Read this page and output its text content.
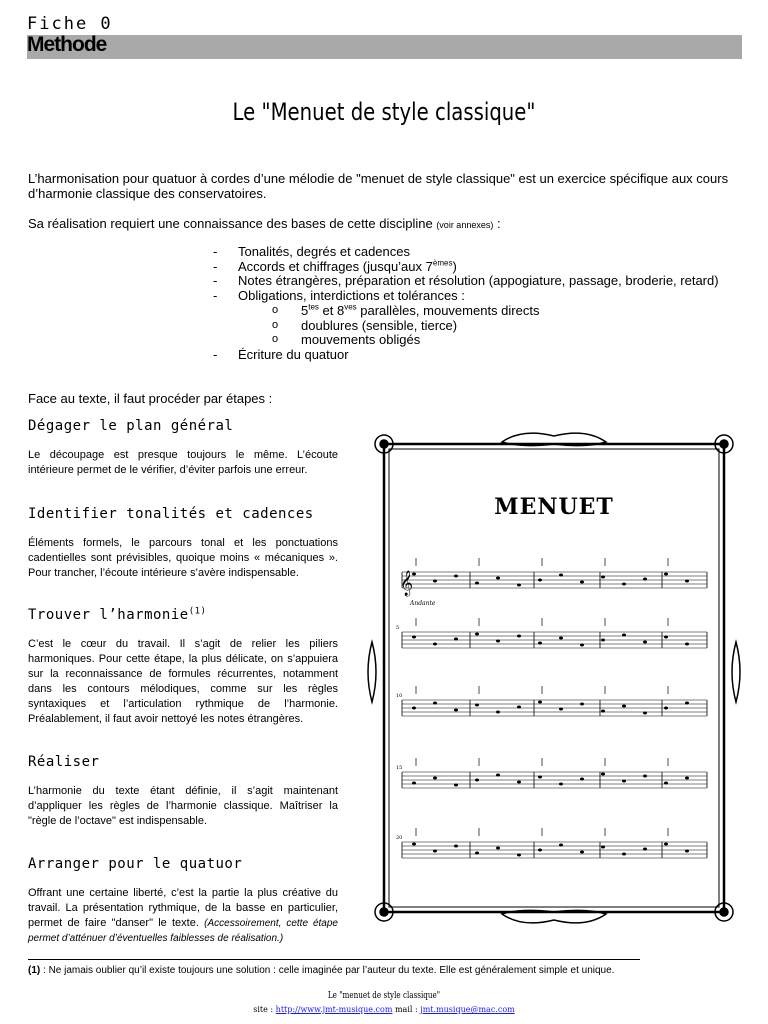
Fiche 0
Methode
Le "Menuet de style classique"
L’harmonisation pour quatuor à cordes d’une mélodie de "menuet de style classique" est un exercice spécifique aux cours d’harmonie classique des conservatoires.
Sa réalisation requiert une connaissance des bases de cette discipline (voir annexes) :
- Tonalités, degrés et cadences
- Accords et chiffrages (jusqu’aux 7èmes)
- Notes étrangères, préparation et résolution (appogiature, passage, broderie, retard)
- Obligations, interdictions et tolérances :
o $5^{tes}$ et $8^{ves}$ parallèles, mouvements directs
o doublures (sensible, tierce)
o mouvements obligés
- Écriture du quatuor
Face au texte, il faut procéder par étapes :
Dégager le plan général
Le découpage est presque toujours le même. L’écoute intérieure permet de le vérifier, d’éviter parfois une erreur.
Identifier tonalités et cadences
Éléments formels, le parcours tonal et les ponctuations cadentielles sont prévisibles, quoique moins « mécaniques ». Pour trancher, l’écoute intérieure s’avère indispensable.
Trouver l’harmonie$^{(1)}$
C’est le cœur du travail. Il s’agit de relier les piliers harmoniques. Pour cette étape, la plus délicate, on s’appuiera sur la reconnaissance de formules récurrentes, notamment dans les contours mélodiques, comme sur les règles syntaxiques et l’articulation rythmique de l’harmonie. Préalablement, il faut avoir nettoyé les notes étrangères.
Réaliser
L’harmonie du texte étant définie, il s’agit maintenant d’appliquer les règles de l’harmonie classique. Maîtriser la "règle de l’octave" est indispensable.
Arranger pour le quatuor
Offrant une certaine liberté, c’est la partie la plus créative du travail. La présentation rythmique, de la basse en particulier, permet de faire "danser" le texte. (Accessoirement, cette étape permet d’atténuer d’éventuelles faiblesses de réalisation.)
MENUET
Andante
5
10
15
20
𝄞
(1) : Ne jamais oublier qu’il existe toujours une solution : celle imaginée par l’auteur du texte. Elle est généralement simple et unique.
Le "menuet de style classique"
site : http://www.jmt-musique.com mail : jmt.musique@mac.com
